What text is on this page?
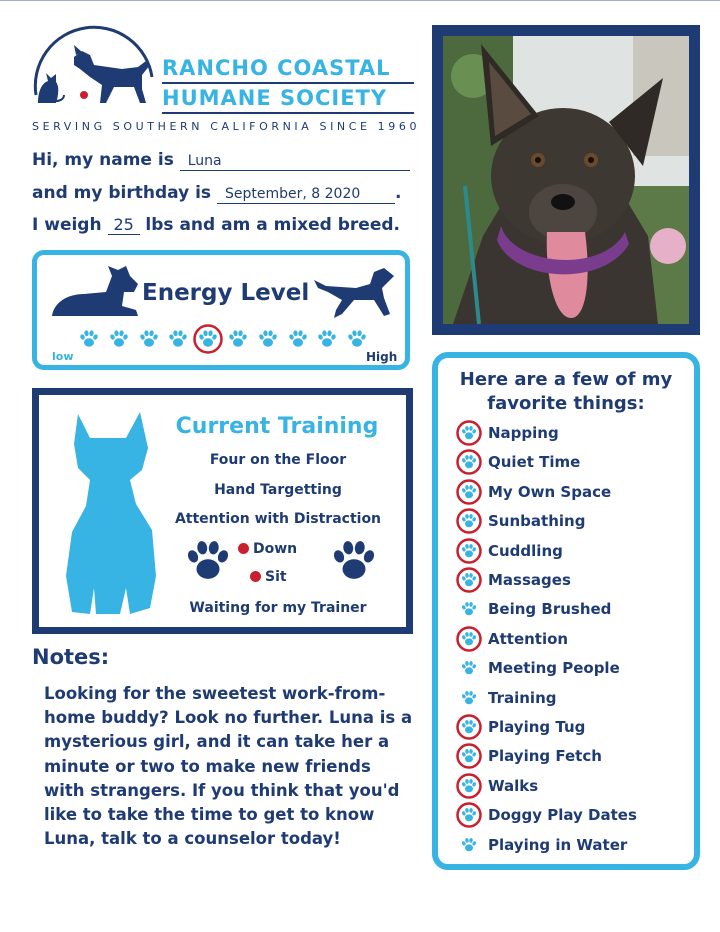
RANCHO COASTAL
HUMANE SOCIETY
SERVING SOUTHERN CALIFORNIA SINCE 1960
Hi, my name is Luna
and my birthday is September, 8 2020 .
I weigh 25 lbs and am a mixed breed.
Energy Level
low	High
Current Training
Four on the Floor
Hand Targetting
Attention with Distraction
Down
Sit
Waiting for my Trainer
Notes:
Looking for the sweetest work-from-home buddy? Look no further. Luna is a mysterious girl, and it can take her a minute or two to make new friends with strangers. If you think that you'd like to take the time to get to know Luna, talk to a counselor today!
Here are a few of my
favorite things:
Napping
Quiet Time
My Own Space
Sunbathing
Cuddling
Massages
Being Brushed
Attention
Meeting People
Training
Playing Tug
Playing Fetch
Walks
Doggy Play Dates
Playing in Water
